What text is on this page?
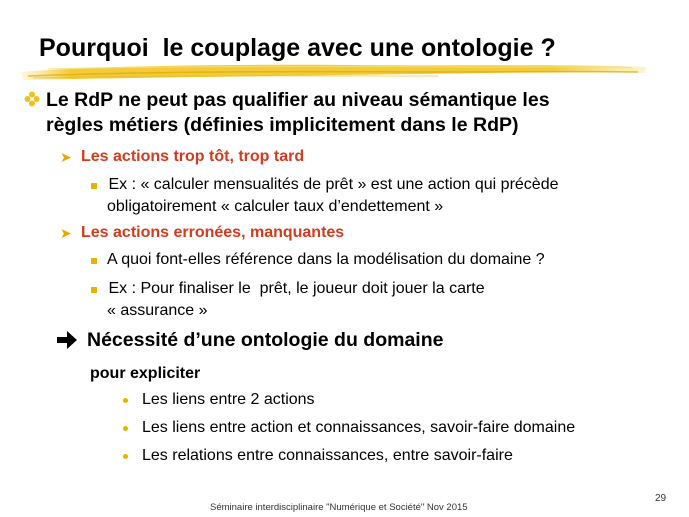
Pourquoi  le couplage avec une ontologie ?
Le RdP ne peut pas qualifier au niveau sémantique les
règles métiers (définies implicitement dans le RdP)
➤ Les actions trop tôt, trop tard
Ex : « calculer mensualités de prêt » est une action qui précède
obligatoirement « calculer taux d’endettement »
➤ Les actions erronées, manquantes
A quoi font-elles référence dans la modélisation du domaine ?
Ex : Pour finaliser le  prêt, le joueur doit jouer la carte
« assurance »
Nécessité d’une ontologie du domaine
pour expliciter
Les liens entre 2 actions
Les liens entre action et connaissances, savoir-faire domaine
Les relations entre connaissances, entre savoir-faire
29
Séminaire interdisciplinaire "Numérique et Société" Nov 2015
